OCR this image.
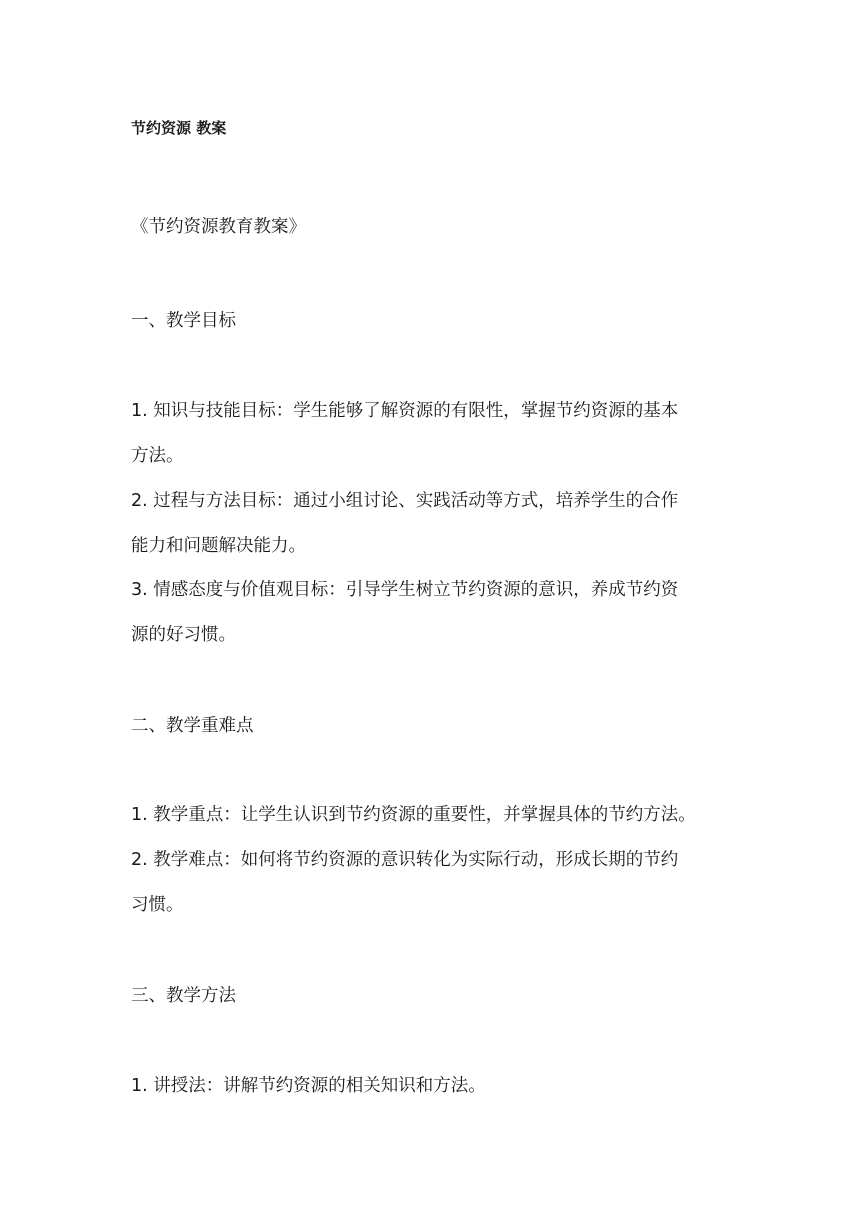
节约资源 教案
《节约资源教育教案》
一、教学目标
1. 知识与技能目标：学生能够了解资源的有限性，掌握节约资源的基本
方法。
2. 过程与方法目标：通过小组讨论、实践活动等方式，培养学生的合作
能力和问题解决能力。
3. 情感态度与价值观目标：引导学生树立节约资源的意识，养成节约资
源的好习惯。
二、教学重难点
1. 教学重点：让学生认识到节约资源的重要性，并掌握具体的节约方法。
2. 教学难点：如何将节约资源的意识转化为实际行动，形成长期的节约
习惯。
三、教学方法
1. 讲授法：讲解节约资源的相关知识和方法。
